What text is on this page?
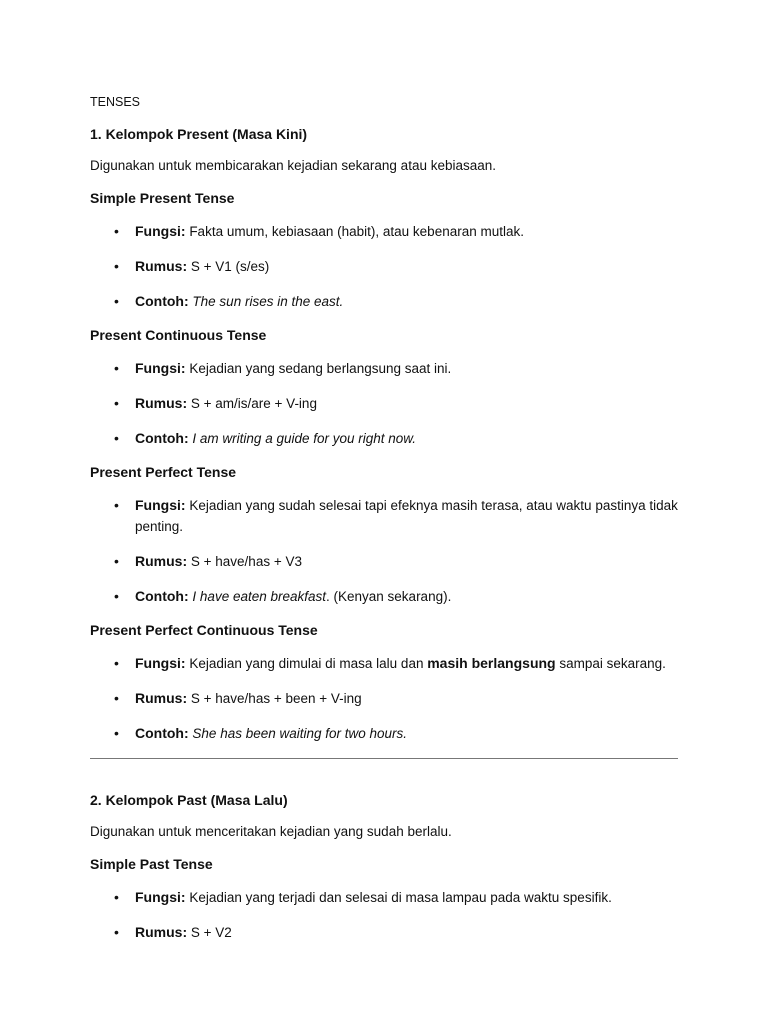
TENSES

1. Kelompok Present (Masa Kini)

Digunakan untuk membicarakan kejadian sekarang atau kebiasaan.

Simple Present Tense

• Fungsi: Fakta umum, kebiasaan (habit), atau kebenaran mutlak.
• Rumus: S + V1 (s/es)
• Contoh: The sun rises in the east.

Present Continuous Tense

• Fungsi: Kejadian yang sedang berlangsung saat ini.
• Rumus: S + am/is/are + V-ing
• Contoh: I am writing a guide for you right now.

Present Perfect Tense

• Fungsi: Kejadian yang sudah selesai tapi efeknya masih terasa, atau waktu pastinya tidak penting.
• Rumus: S + have/has + V3
• Contoh: I have eaten breakfast. (Kenyan sekarang).

Present Perfect Continuous Tense

• Fungsi: Kejadian yang dimulai di masa lalu dan masih berlangsung sampai sekarang.
• Rumus: S + have/has + been + V-ing
• Contoh: She has been waiting for two hours.

2. Kelompok Past (Masa Lalu)

Digunakan untuk menceritakan kejadian yang sudah berlalu.

Simple Past Tense

• Fungsi: Kejadian yang terjadi dan selesai di masa lampau pada waktu spesifik.
• Rumus: S + V2
